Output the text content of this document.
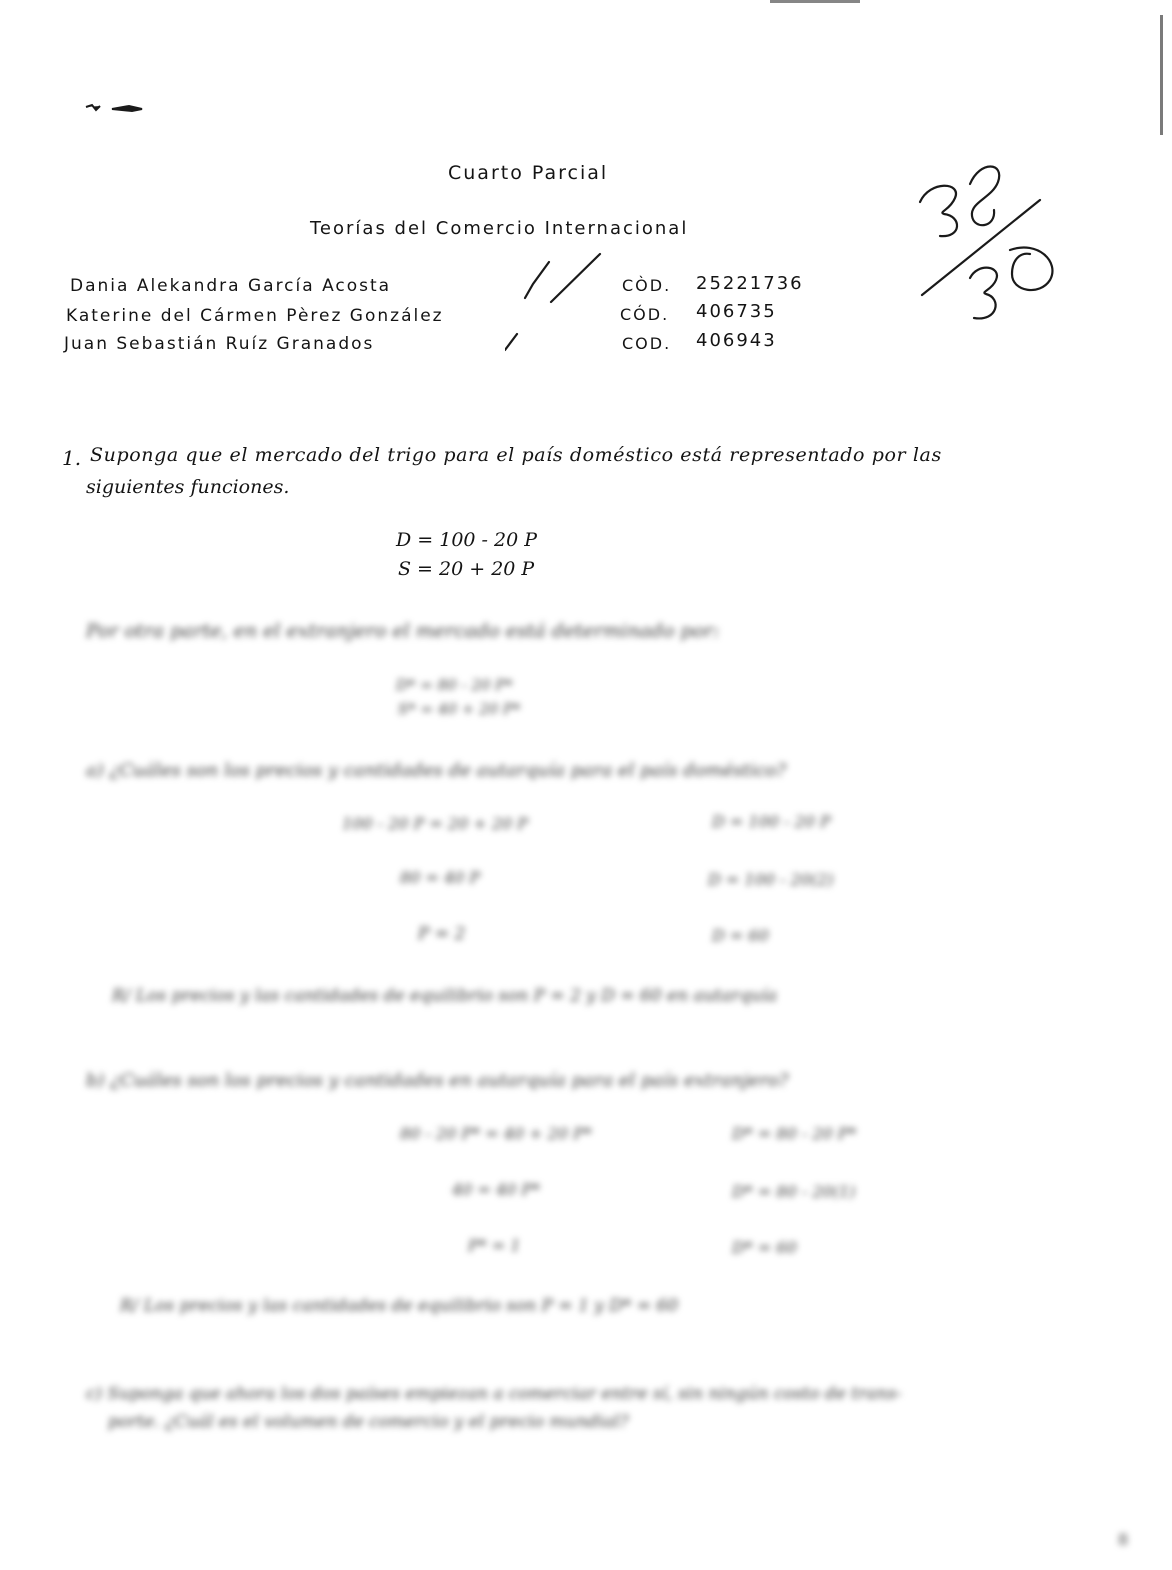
Cuarto Parcial
Teorías del Comercio Internacional
Dania Alekandra García Acosta
Katerine del Cármen Pèrez González
Juan Sebastián Ruíz Granados
CÒD. 25221736
CÓD. 406735
COD. 406943
1. Suponga que el mercado del trigo para el país doméstico está representado por las
siguientes funciones.
D = 100 - 20 P
S = 20 + 20 P
Por otra parte, en el extranjero el mercado está determinado por:
D* = 80 - 20 P*
S* = 40 + 20 P*
a) ¿Cuáles son los precios y cantidades de autarquía para el país doméstico?
100 - 20 P = 20 + 20 P
80 = 40 P
P = 2
D = 100 - 20 P
D = 100 - 20(2)
D = 60
R/ Los precios y las cantidades de equilibrio son P = 2 y D = 60 en autarquía
b) ¿Cuáles son los precios y cantidades en autarquía para el país extranjero?
80 - 20 P* = 40 + 20 P*
40 = 40 P*
P* = 1
D* = 80 - 20 P*
D* = 80 - 20(1)
D* = 60
R/ Los precios y las cantidades de equilibrio son P = 1 y D* = 60
c) Suponga que ahora los dos países empiezan a comerciar entre sí, sin ningún costo de trans-
porte. ¿Cuál es el volumen de comercio y el precio mundial?
8
